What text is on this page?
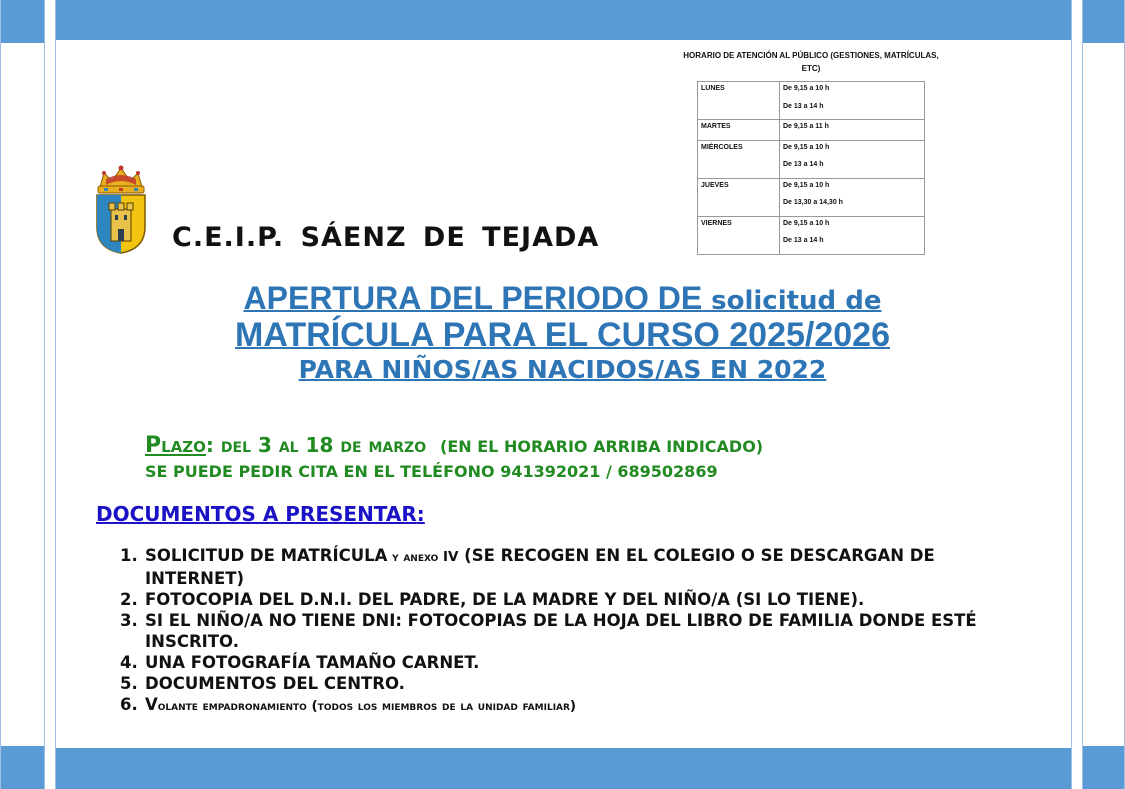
HORARIO DE ATENCIÓN AL PÚBLICO (GESTIONES, MATRÍCULAS, ETC)
LUNES	De 9,15 a 10 h
De 13 a 14 h

MARTES	De 9,15 a 11 h

MIÉRCOLES	De 9,15 a 10 h
De 13 a 14 h

JUEVES	De 9,15 a 10 h
De 13,30 a 14,30 h

VIERNES	De 9,15 a 10 h
De 13 a 14 h
C.E.I.P. SÁENZ DE TEJADA
APERTURA DEL PERIODO DE solicitud de
MATRÍCULA PARA EL CURSO 2025/2026
PARA NIÑOS/AS NACIDOS/AS EN 2022
Plazo: del 3 al 18 de marzo (EN EL HORARIO ARRIBA INDICADO)
SE PUEDE PEDIR CITA EN EL TELÉFONO 941392021 / 689502869
DOCUMENTOS A PRESENTAR:
1. SOLICITUD DE MATRÍCULA y anexo IV (SE RECOGEN EN EL COLEGIO O SE DESCARGAN DE INTERNET)
2. FOTOCOPIA DEL D.N.I. DEL PADRE, DE LA MADRE Y DEL NIÑO/A (SI LO TIENE).
3. SI EL NIÑO/A NO TIENE DNI: FOTOCOPIAS DE LA HOJA DEL LIBRO DE FAMILIA DONDE ESTÉ INSCRITO.
4. UNA FOTOGRAFÍA TAMAÑO CARNET.
5. DOCUMENTOS DEL CENTRO.
6. Volante empadronamiento (todos los miembros de la unidad familiar)
